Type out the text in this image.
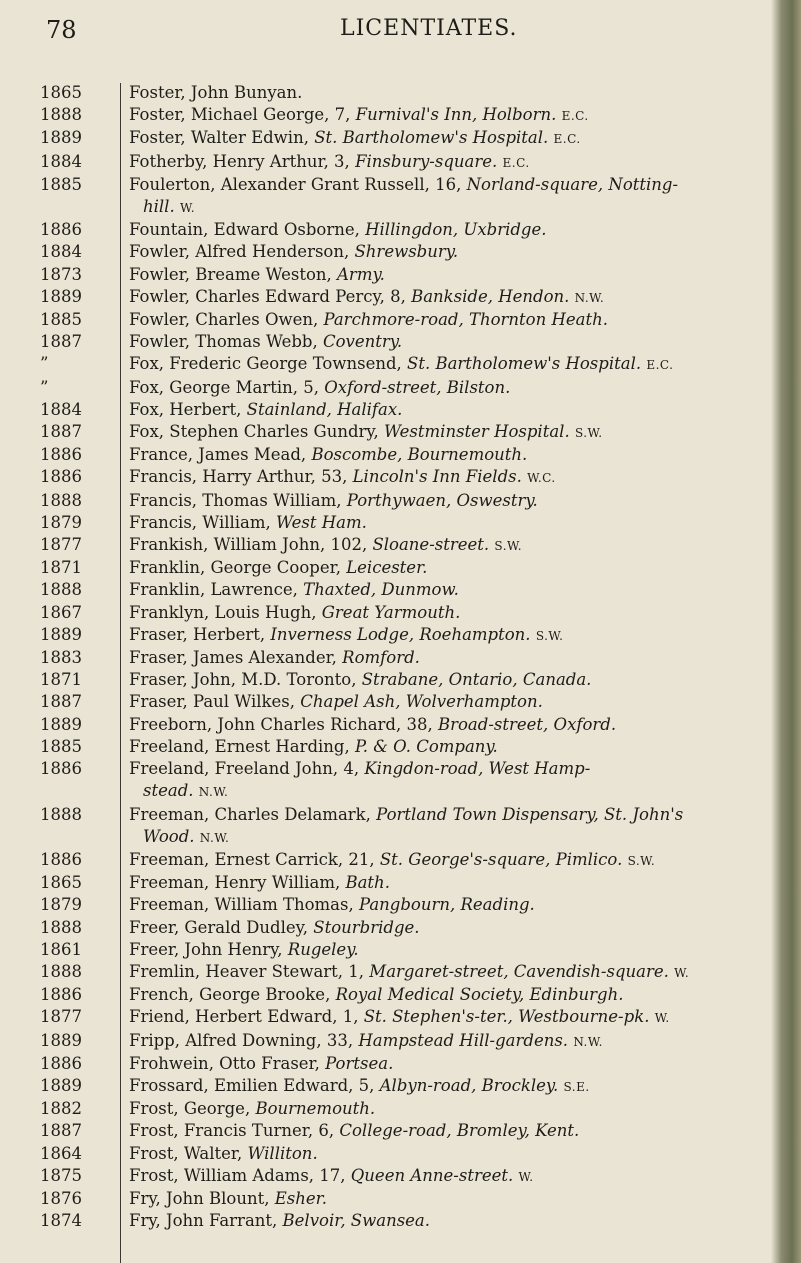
78	LICENTIATES.
1865	Foster, John Bunyan.
1888	Foster, Michael George, 7, Furnival's Inn, Holborn. E.C.
1889	Foster, Walter Edwin, St. Bartholomew's Hospital. E.C.
1884	Fotherby, Henry Arthur, 3, Finsbury-square. E.C.
1885	Foulerton, Alexander Grant Russell, 16, Norland-square, Notting-
hill. W.
1886	Fountain, Edward Osborne, Hillingdon, Uxbridge.
1884	Fowler, Alfred Henderson, Shrewsbury.
1873	Fowler, Breame Weston, Army.
1889	Fowler, Charles Edward Percy, 8, Bankside, Hendon. N.W.
1885	Fowler, Charles Owen, Parchmore-road, Thornton Heath.
1887	Fowler, Thomas Webb, Coventry.
”	Fox, Frederic George Townsend, St. Bartholomew's Hospital. E.C.
”	Fox, George Martin, 5, Oxford-street, Bilston.
1884	Fox, Herbert, Stainland, Halifax.
1887	Fox, Stephen Charles Gundry, Westminster Hospital. S.W.
1886	France, James Mead, Boscombe, Bournemouth.
1886	Francis, Harry Arthur, 53, Lincoln's Inn Fields. W.C.
1888	Francis, Thomas William, Porthywaen, Oswestry.
1879	Francis, William, West Ham.
1877	Frankish, William John, 102, Sloane-street. S.W.
1871	Franklin, George Cooper, Leicester.
1888	Franklin, Lawrence, Thaxted, Dunmow.
1867	Franklyn, Louis Hugh, Great Yarmouth.
1889	Fraser, Herbert, Inverness Lodge, Roehampton. S.W.
1883	Fraser, James Alexander, Romford.
1871	Fraser, John, M.D. Toronto, Strabane, Ontario, Canada.
1887	Fraser, Paul Wilkes, Chapel Ash, Wolverhampton.
1889	Freeborn, John Charles Richard, 38, Broad-street, Oxford.
1885	Freeland, Ernest Harding, P. & O. Company.
1886	Freeland, Freeland John, 4, Kingdon-road, West Hamp-
stead. N.W.
1888	Freeman, Charles Delamark, Portland Town Dispensary, St. John's
Wood. N.W.
1886	Freeman, Ernest Carrick, 21, St. George's-square, Pimlico. S.W.
1865	Freeman, Henry William, Bath.
1879	Freeman, William Thomas, Pangbourn, Reading.
1888	Freer, Gerald Dudley, Stourbridge.
1861	Freer, John Henry, Rugeley.
1888	Fremlin, Heaver Stewart, 1, Margaret-street, Cavendish-square. W.
1886	French, George Brooke, Royal Medical Society, Edinburgh.
1877	Friend, Herbert Edward, 1, St. Stephen's-ter., Westbourne-pk. W.
1889	Fripp, Alfred Downing, 33, Hampstead Hill-gardens. N.W.
1886	Frohwein, Otto Fraser, Portsea.
1889	Frossard, Emilien Edward, 5, Albyn-road, Brockley. S.E.
1882	Frost, George, Bournemouth.
1887	Frost, Francis Turner, 6, College-road, Bromley, Kent.
1864	Frost, Walter, Williton.
1875	Frost, William Adams, 17, Queen Anne-street. W.
1876	Fry, John Blount, Esher.
1874	Fry, John Farrant, Belvoir, Swansea.
